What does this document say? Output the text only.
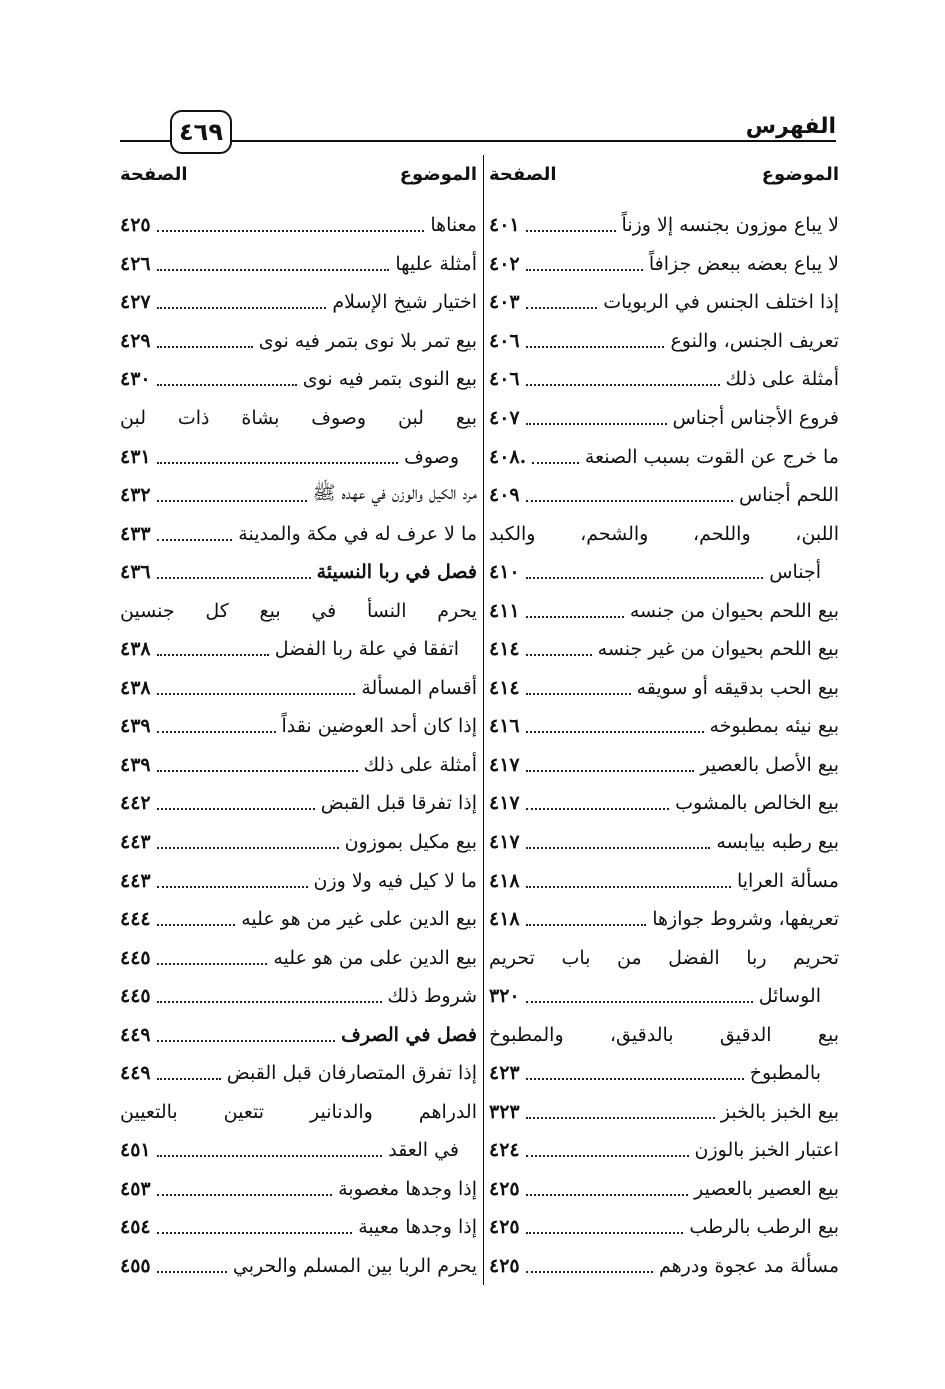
٤٦٩	الفهرس
الموضوع
الصفحة
لا يباع موزون بجنسه إلا وزناً
٤٠١
لا يباع بعضه ببعض جزافاً
٤٠٢
إذا اختلف الجنس في الربويات
٤٠٣
تعريف الجنس، والنوع
٤٠٦
أمثلة على ذلك
٤٠٦
فروع الأجناس أجناس
٤٠٧
ما خرج عن القوت بسبب الصنعة
.٤٠٨
اللحم أجناس
٤٠٩
اللبن، واللحم، والشحم، والكبد
أجناس
٤١٠
بيع اللحم بحيوان من جنسه
٤١١
بيع اللحم بحيوان من غير جنسه
٤١٤
بيع الحب بدقيقه أو سويقه
٤١٤
بيع نيئه بمطبوخه
٤١٦
بيع الأصل بالعصير
٤١٧
بيع الخالص بالمشوب
٤١٧
بيع رطبه بيابسه
٤١٧
مسألة العرايا
٤١٨
تعريفها، وشروط جوازها
٤١٨
تحريم ربا الفضل من باب تحريم
الوسائل
٣٢٠
بيع الدقيق بالدقيق، والمطبوخ
بالمطبوخ
٤٢٣
بيع الخبز بالخبز
٣٢٣
اعتبار الخبز بالوزن
٤٢٤
بيع العصير بالعصير
٤٢٥
بيع الرطب بالرطب
٤٢٥
مسألة مد عجوة ودرهم
٤٢٥
الموضوع
الصفحة
معناها
٤٢٥
أمثلة عليها
٤٢٦
اختيار شيخ الإسلام
٤٢٧
بيع تمر بلا نوى بتمر فيه نوى
٤٢٩
بيع النوى بتمر فيه نوى
٤٣٠
بيع لبن وصوف بشاة ذات لبن
وصوف
٤٣١
مرد الكيل والوزن في عهده ﷺ
٤٣٢
ما لا عرف له في مكة والمدينة
٤٣٣
فصل في ربا النسيئة
٤٣٦
يحرم النسأ في بيع كل جنسين
اتفقا في علة ربا الفضل
٤٣٨
أقسام المسألة
٤٣٨
إذا كان أحد العوضين نقداً
٤٣٩
أمثلة على ذلك
٤٣٩
إذا تفرقا قبل القبض
٤٤٢
بيع مكيل بموزون
٤٤٣
ما لا كيل فيه ولا وزن
٤٤٣
بيع الدين على غير من هو عليه
٤٤٤
بيع الدين على من هو عليه
٤٤٥
شروط ذلك
٤٤٥
فصل في الصرف
٤٤٩
إذا تفرق المتصارفان قبل القبض
٤٤٩
الدراهم والدنانير تتعين بالتعيين
في العقد
٤٥١
إذا وجدها مغصوبة
٤٥٣
إذا وجدها معيبة
٤٥٤
يحرم الربا بين المسلم والحربي
٤٥٥
